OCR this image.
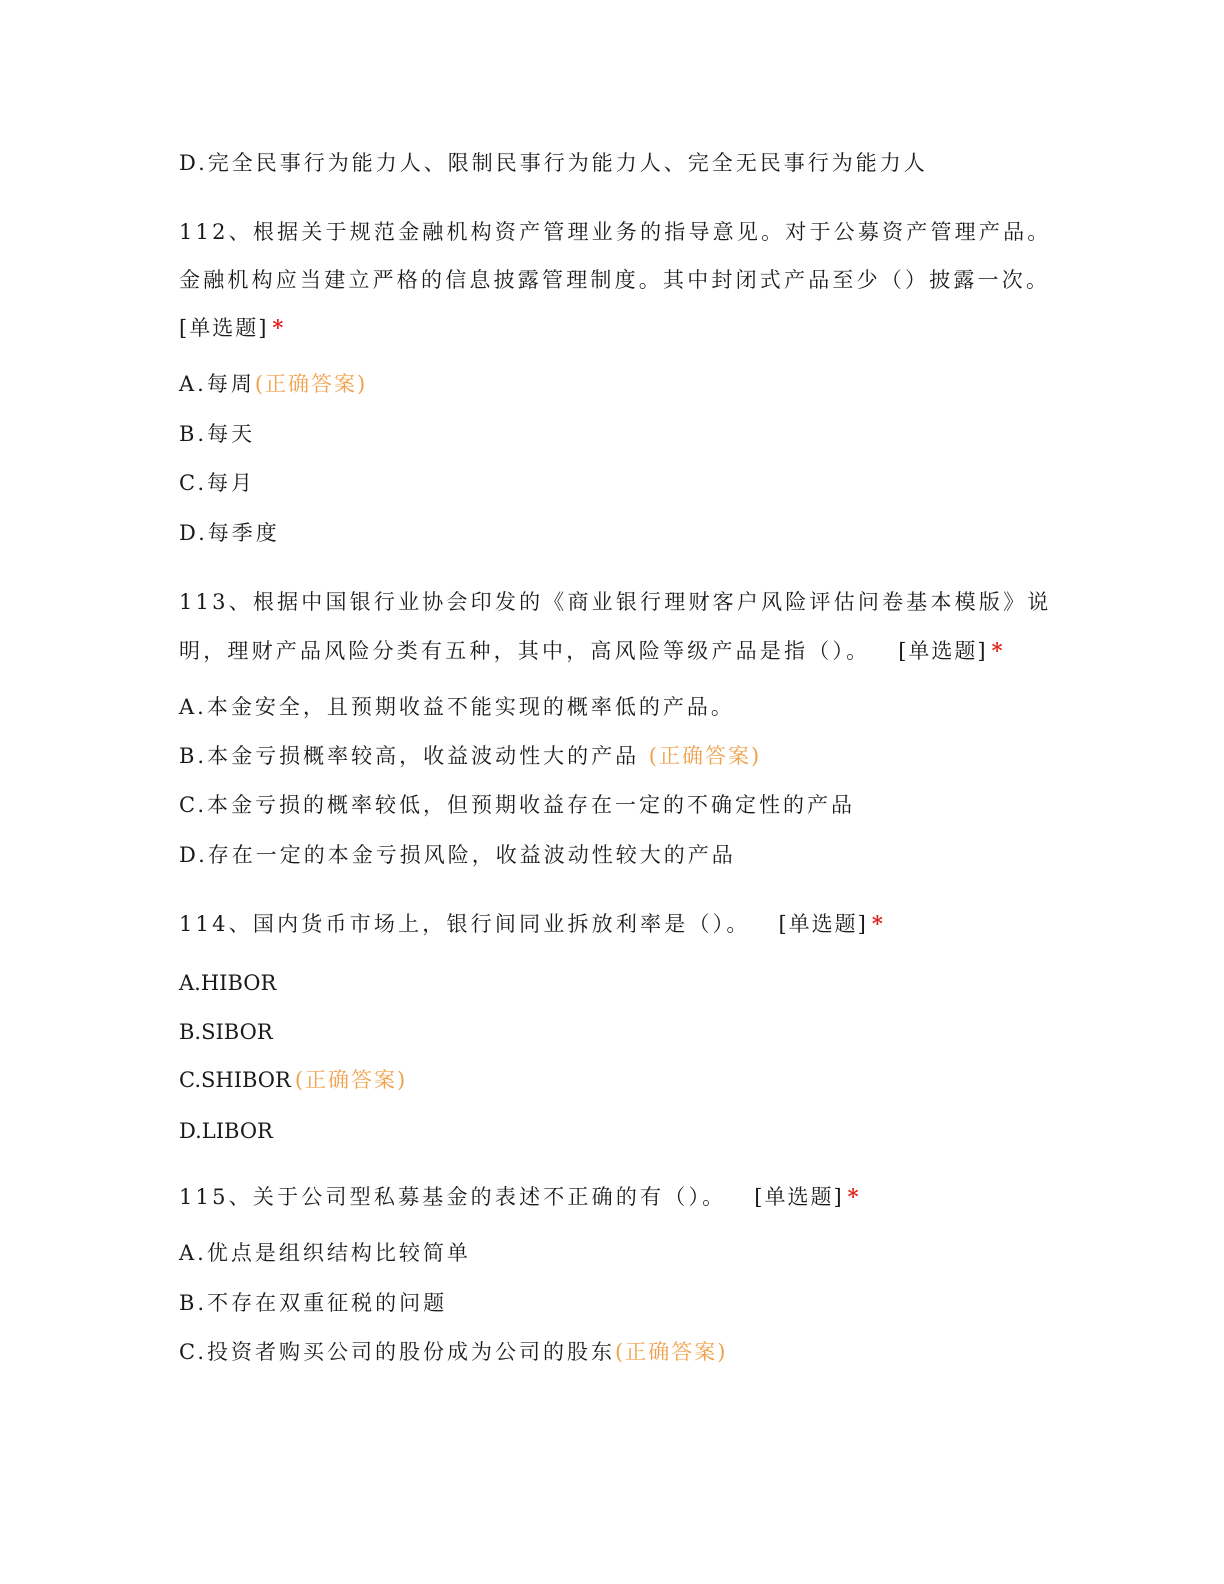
D.完全民事行为能力人、限制民事行为能力人、完全无民事行为能力人
112、根据关于规范金融机构资产管理业务的指导意见。对于公募资产管理产品。
金融机构应当建立严格的信息披露管理制度。其中封闭式产品至少（）披露一次。
[单选题] *
A.每周(正确答案)
B.每天
C.每月
D.每季度
113、根据中国银行业协会印发的《商业银行理财客户风险评估问卷基本模版》说
明，理财产品风险分类有五种，其中，高风险等级产品是指（）。 [单选题] *
A.本金安全，且预期收益不能实现的概率低的产品。
B.本金亏损概率较高，收益波动性大的产品 (正确答案)
C.本金亏损的概率较低，但预期收益存在一定的不确定性的产品
D.存在一定的本金亏损风险，收益波动性较大的产品
114、国内货币市场上，银行间同业拆放利率是（）。 [单选题] *
A.HIBOR
B.SIBOR
C.SHIBOR (正确答案)
D.LIBOR
115、关于公司型私募基金的表述不正确的有（）。 [单选题] *
A.优点是组织结构比较简单
B.不存在双重征税的问题
C.投资者购买公司的股份成为公司的股东(正确答案)
